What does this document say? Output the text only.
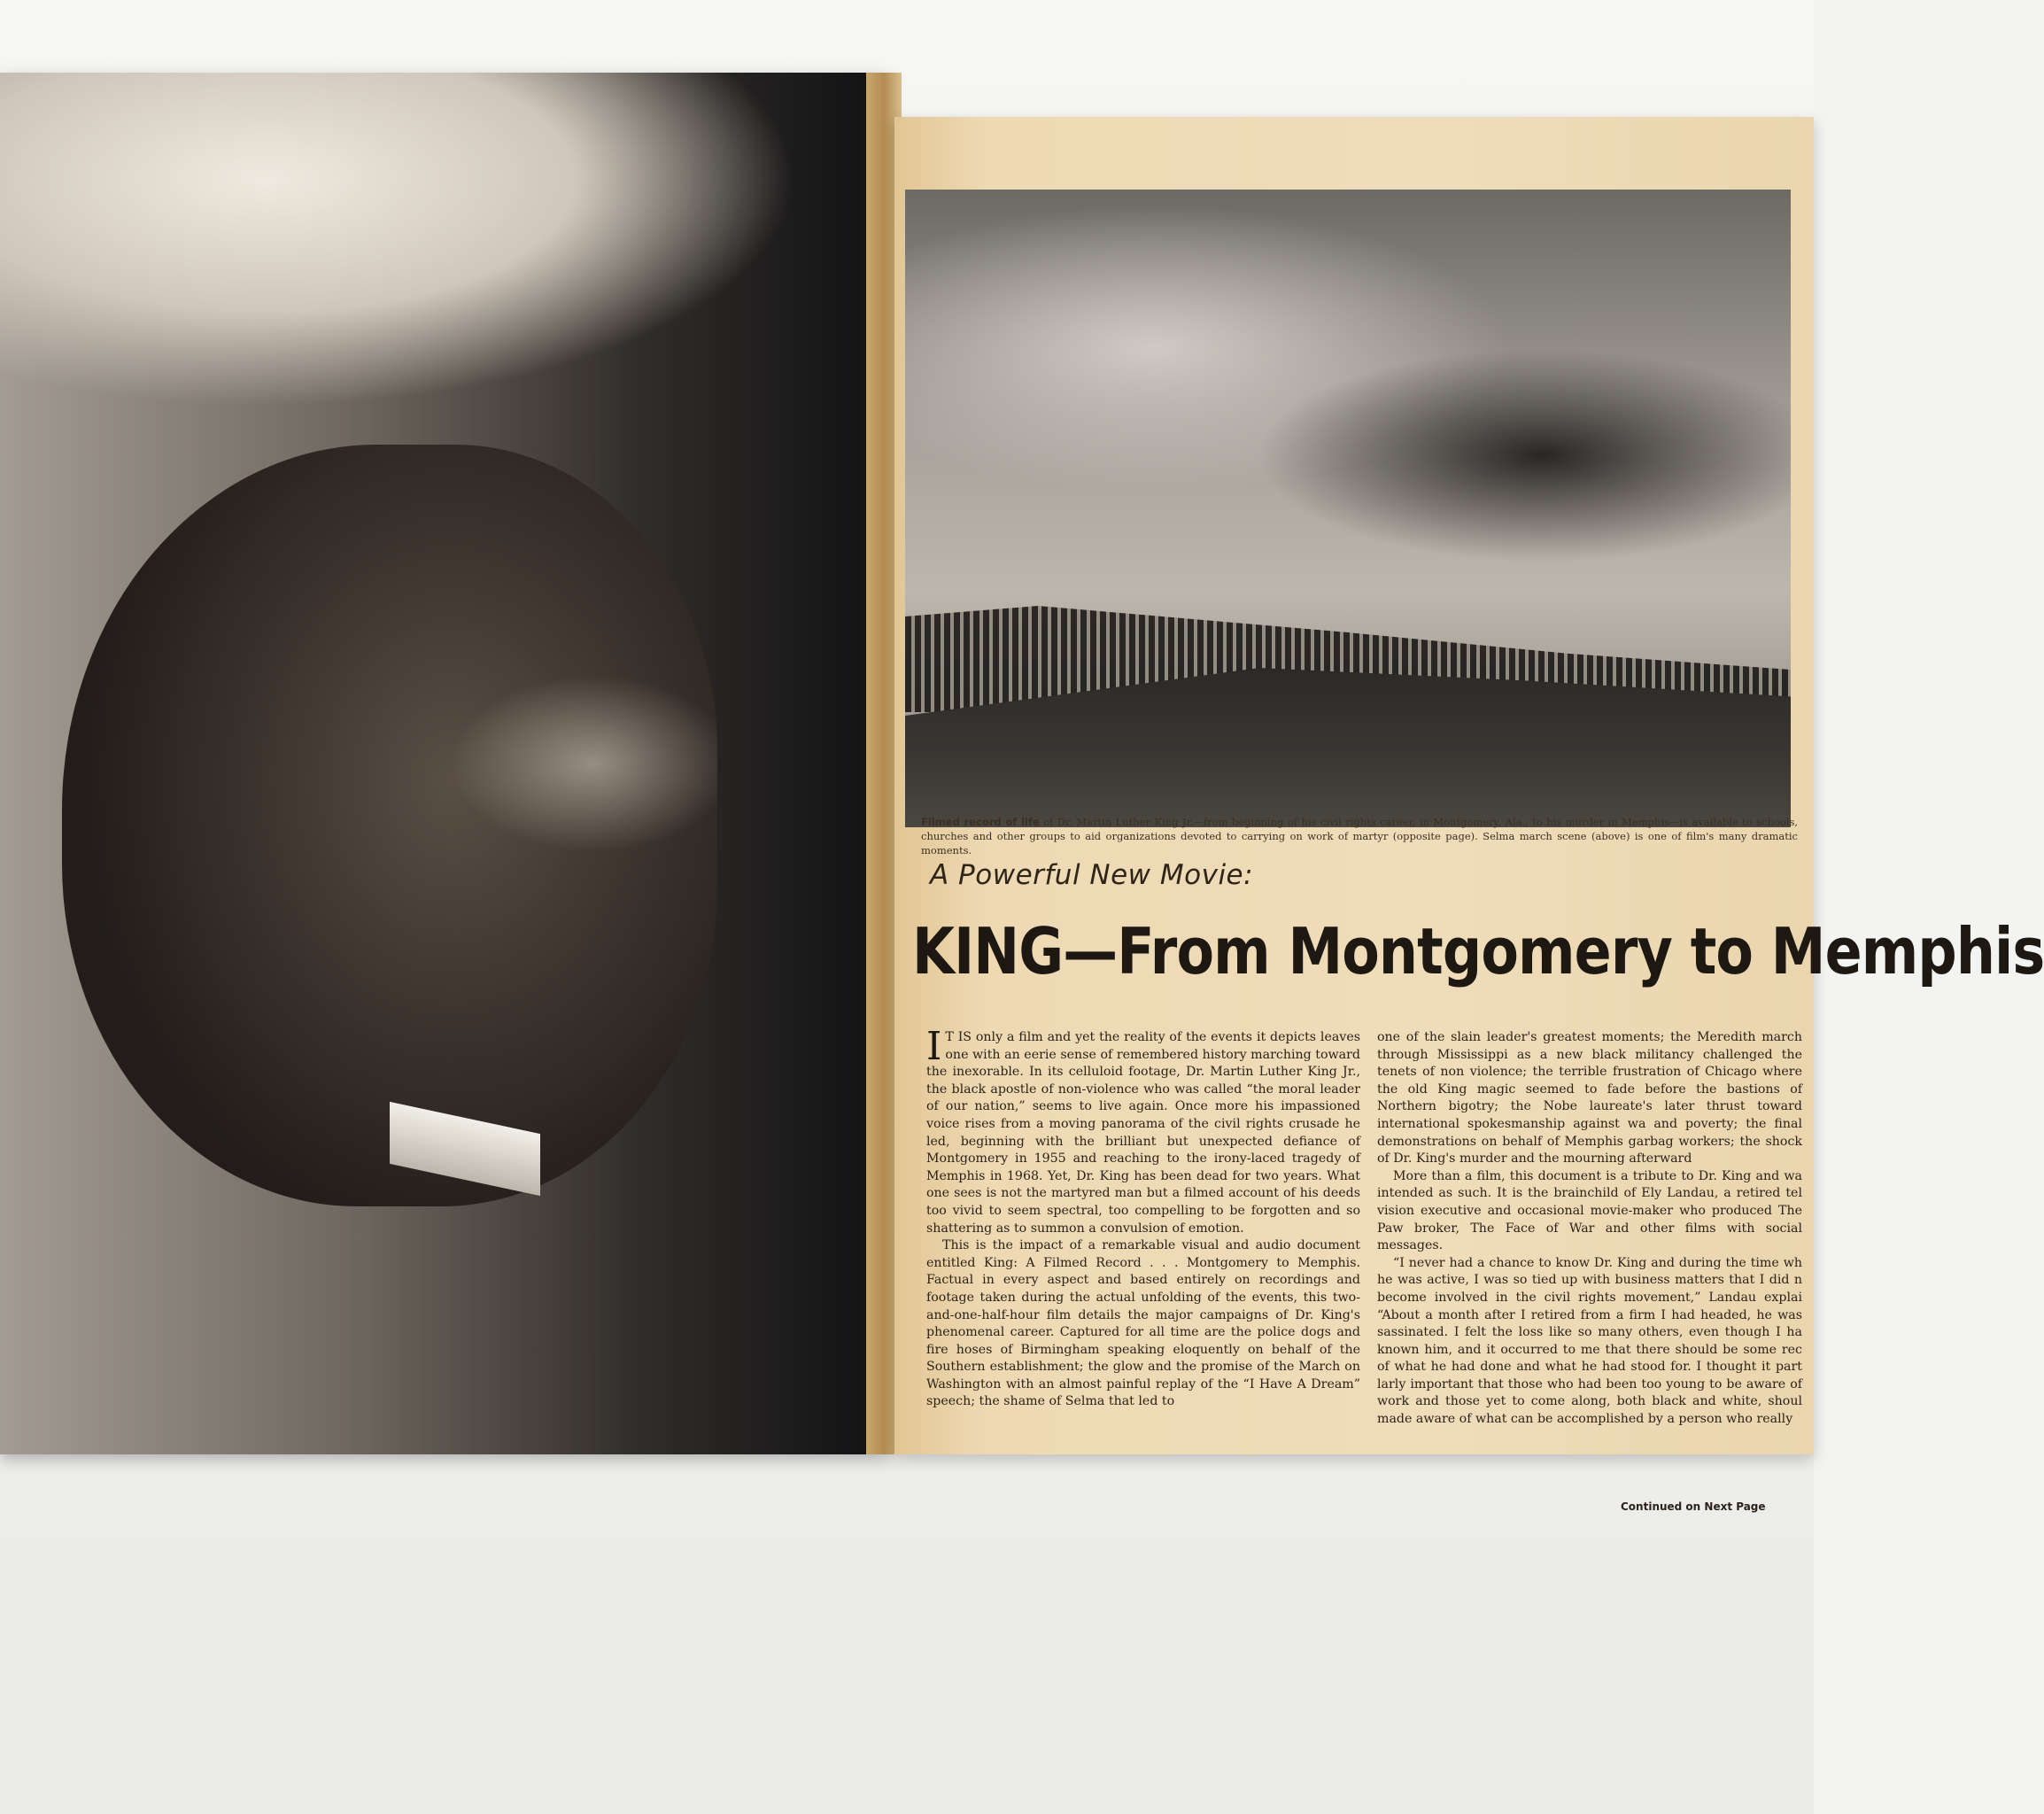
Filmed record of life of Dr. Martin Luther King Jr.—from beginning of his civil rights career, in Montgomery, Ala., to his murder in Memphis—is available to schools, churches and other groups to aid organizations devoted to carrying on work of martyr (opposite page). Selma march scene (above) is one of film's many dramatic moments.
A Powerful New Movie:
KING—From Montgomery to Memphis

I T IS only a film and yet the reality of the events it depicts leaves one with an eerie sense of remembered history marching toward the inexorable. In its celluloid footage, Dr. Martin Luther King Jr., the black apostle of non-violence who was called “the moral leader of our nation,” seems to live again. Once more his impassioned voice rises from a moving panorama of the civil rights crusade he led, beginning with the brilliant but unexpected defiance of Montgomery in 1955 and reaching to the irony-laced tragedy of Memphis in 1968. Yet, Dr. King has been dead for two years. What one sees is not the martyred man but a filmed account of his deeds too vivid to seem spectral, too compelling to be forgotten and so shattering as to summon a convulsion of emotion.

This is the impact of a remarkable visual and audio document entitled King: A Filmed Record . . . Montgomery to Memphis. Factual in every aspect and based entirely on recordings and footage taken during the actual unfolding of the events, this two-and-one-half-hour film details the major campaigns of Dr. King's phenomenal career. Captured for all time are the police dogs and fire hoses of Birmingham speaking eloquently on behalf of the Southern establishment; the glow and the promise of the March on Washington with an almost painful replay of the “I Have A Dream” speech; the shame of Selma that led to

one of the slain leader's greatest moments; the Meredith march through Mississippi as a new black militancy challenged the tenets of non violence; the terrible frustration of Chicago where the old King magic seemed to fade before the bastions of Northern bigotry; the Nobe laureate's later thrust toward international spokesmanship against wa and poverty; the final demonstrations on behalf of Memphis garbag workers; the shock of Dr. King's murder and the mourning afterward

More than a film, this document is a tribute to Dr. King and wa intended as such. It is the brainchild of Ely Landau, a retired tel vision executive and occasional movie-maker who produced The Paw broker, The Face of War and other films with social messages.

“I never had a chance to know Dr. King and during the time wh he was active, I was so tied up with business matters that I did n become involved in the civil rights movement,” Landau explai “About a month after I retired from a firm I had headed, he was sassinated. I felt the loss like so many others, even though I ha known him, and it occurred to me that there should be some rec of what he had done and what he had stood for. I thought it part larly important that those who had been too young to be aware of work and those yet to come along, both black and white, shoul made aware of what can be accomplished by a person who really

Continued on Next Page
